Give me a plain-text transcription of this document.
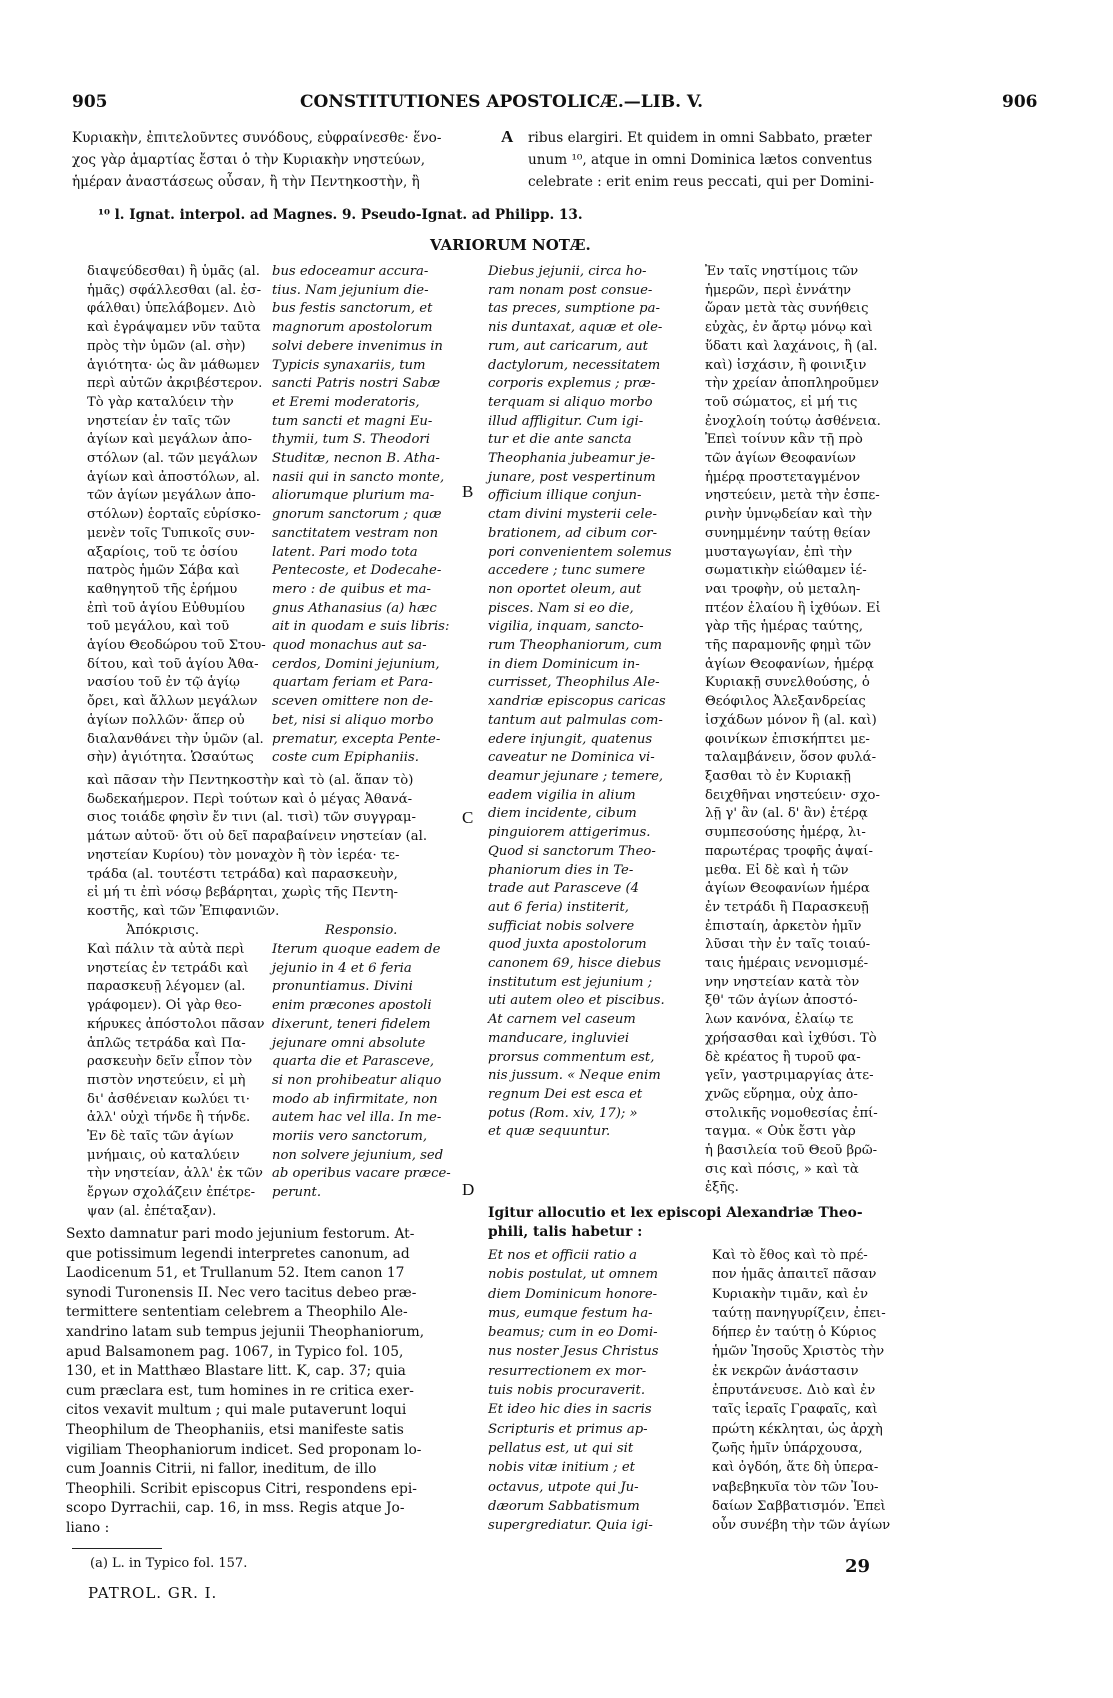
905	CONSTITUTIONES APOSTOLICÆ.—LIB. V.	906
Κυριακὴν, ἐπιτελοῦντες συνόδους, εὐφραίνεσθε· ἕνο-
χος γὰρ ἁμαρτίας ἔσται ὁ τὴν Κυριακὴν νηστεύων,
ἡμέραν ἀναστάσεως οὖσαν, ἢ τὴν Πεντηκοστὴν, ἢ
A ribus elargiri. Et quidem in omni Sabbato, præter
unum ¹⁰, atque in omni Dominica lætos conventus
celebrate : erit enim reus peccati, qui per Domini-
¹⁰ l. Ignat. interpol. ad Magnes. 9. Pseudo-Ignat. ad Philipp. 13.
VARIORUM NOTÆ.
διαψεύδεσθαι) ἢ ὑμᾶς (al.
ἡμᾶς) σφάλλεσθαι (al. ἐσ-
φάλθαι) ὑπελάβομεν. Διὸ
καὶ ἐγράψαμεν νῦν ταῦτα
πρὸς τὴν ὑμῶν (al. σὴν)
ἁγιότητα· ὡς ἂν μάθωμεν
περὶ αὐτῶν ἀκριβέστερον.
Τὸ γὰρ καταλύειν τὴν
νηστείαν ἐν ταῖς τῶν
ἁγίων καὶ μεγάλων ἀπο-
στόλων (al. τῶν μεγάλων
ἁγίων καὶ ἀποστόλων, al.
τῶν ἁγίων μεγάλων ἀπο-
στόλων) ἑορταῖς εὑρίσκο-
μενὲν τοῖς Τυπικοῖς συν-
αξαρίοις, τοῦ τε ὁσίου
πατρὸς ἡμῶν Σάβα καὶ
καθηγητοῦ τῆς ἐρήμου
ἐπὶ τοῦ ἁγίου Εὐθυμίου
τοῦ μεγάλου, καὶ τοῦ
ἁγίου Θεοδώρου τοῦ Στου-
δίτου, καὶ τοῦ ἁγίου Ἀθα-
νασίου τοῦ ἐν τῷ ἁγίῳ
ὄρει, καὶ ἄλλων μεγάλων
ἁγίων πολλῶν· ἅπερ οὐ
διαλανθάνει τὴν ὑμῶν (al.
σὴν) ἁγιότητα. Ὡσαύτως
bus edoceamur accura-
tius. Nam jejunium die-
bus festis sanctorum, et
magnorum apostolorum
solvi debere invenimus in
Typicis synaxariis, tum
sancti Patris nostri Sabæ
et Eremi moderatoris,
tum sancti et magni Eu-
thymii, tum S. Theodori
Studitæ, necnon B. Atha-
nasii qui in sancto monte,
aliorumque plurium ma-
gnorum sanctorum ; quæ
sanctitatem vestram non
latent. Pari modo tota
Pentecoste, et Dodecahe-
mero : de quibus et ma-
gnus Athanasius (a) hæc
ait in quodam e suis libris:
quod monachus aut sa-
cerdos, Domini jejunium,
quartam feriam et Para-
sceven omittere non de-
bet, nisi si aliquo morbo
prematur, excepta Pente-
coste cum Epiphaniis.
καὶ πᾶσαν τὴν Πεντηκοστὴν καὶ τὸ (al. ἅπαν τὸ)
δωδεκαήμερον. Περὶ τούτων καὶ ὁ μέγας Ἀθανά-
σιος τοιάδε φησὶν ἔν τινι (al. τισὶ) τῶν συγγραμ-
μάτων αὐτοῦ· ὅτι οὐ δεῖ παραβαίνειν νηστείαν (al.
νηστείαν Κυρίου) τὸν μοναχὸν ἢ τὸν ἱερέα· τε-
τράδα (al. τουτέστι τετράδα) καὶ παρασκευὴν,
εἰ μή τι ἐπὶ νόσῳ βεβάρηται, χωρὶς τῆς Πεντη-
κοστῆς, καὶ τῶν Ἐπιφανιῶν.
B
C
D
Ἀπόκρισις.	Responsio.
Καὶ πάλιν τὰ αὐτὰ περὶ
νηστείας ἐν τετράδι καὶ
παρασκευῇ λέγομεν (al.
γράφομεν). Οἱ γὰρ θεο-
κήρυκες ἀπόστολοι πᾶσαν
ἁπλῶς τετράδα καὶ Πα-
ρασκευὴν δεῖν εἶπον τὸν
πιστὸν νηστεύειν, εἰ μὴ
δι' ἀσθένειαν κωλύει τι·
ἀλλ' οὐχὶ τήνδε ἢ τήνδε.
Ἐν δὲ ταῖς τῶν ἁγίων
μνήμαις, οὐ καταλύειν
τὴν νηστείαν, ἀλλ' ἐκ τῶν
ἔργων σχολάζειν ἐπέτρε-
ψαν (al. ἐπέταξαν).
Iterum quoque eadem de
jejunio in 4 et 6 feria
pronuntiamus. Divini
enim præcones apostoli
dixerunt, teneri fidelem
jejunare omni absolute
quarta die et Parasceve,
si non prohibeatur aliquo
modo ab infirmitate, non
autem hac vel illa. In me-
moriis vero sanctorum,
non solvere jejunium, sed
ab operibus vacare præce-
perunt.
Diebus jejunii, circa ho-
ram nonam post consue-
tas preces, sumptione pa-
nis duntaxat, aquæ et ole-
rum, aut caricarum, aut
dactylorum, necessitatem
corporis explemus ; præ-
terquam si aliquo morbo
illud affligitur. Cum igi-
tur et die ante sancta
Theophania jubeamur je-
junare, post vespertinum
officium illique conjun-
ctam divini mysterii cele-
brationem, ad cibum cor-
pori convenientem solemus
accedere ; tunc sumere
non oportet oleum, aut
pisces. Nam si eo die,
vigilia, inquam, sancto-
rum Theophaniorum, cum
in diem Dominicum in-
currisset, Theophilus Ale-
xandriæ episcopus caricas
tantum aut palmulas com-
edere injungit, quatenus
caveatur ne Dominica vi-
deamur jejunare ; temere,
eadem vigilia in alium
diem incidente, cibum
pinguiorem attigerimus.
Quod si sanctorum Theo-
phaniorum dies in Te-
trade aut Parasceve (4
aut 6 feria) institerit,
sufficiat nobis solvere
quod juxta apostolorum
canonem 69, hisce diebus
institutum est jejunium ;
uti autem oleo et piscibus.
At carnem vel caseum
manducare, ingluviei
prorsus commentum est,
nis jussum. « Neque enim
regnum Dei est esca et
potus (Rom. xiv, 17); »
et quæ sequuntur.
Ἐν ταῖς νηστίμοις τῶν
ἡμερῶν, περὶ ἐννάτην
ὥραν μετὰ τὰς συνήθεις
εὐχὰς, ἐν ἄρτῳ μόνῳ καὶ
ὕδατι καὶ λαχάνοις, ἢ (al.
καὶ) ἰσχάσιν, ἢ φοινιξιν
τὴν χρείαν ἀποπληροῦμεν
τοῦ σώματος, εἰ μή τις
ἐνοχλοίη τούτῳ ἀσθένεια.
Ἐπεὶ τοίνυν κἂν τῇ πρὸ
τῶν ἁγίων Θεοφανίων
ἡμέρᾳ προστεταγμένον
νηστεύειν, μετὰ τὴν ἑσπε-
ρινὴν ὑμνῳδείαν καὶ τὴν
συνημμένην ταύτῃ θείαν
μυσταγωγίαν, ἐπὶ τὴν
σωματικὴν εἰώθαμεν ἰέ-
ναι τροφὴν, οὐ μεταλη-
πτέον ἐλαίου ἢ ἰχθύων. Εἰ
γὰρ τῆς ἡμέρας ταύτης,
τῆς παραμονῆς φημὶ τῶν
ἁγίων Θεοφανίων, ἡμέρᾳ
Κυριακῇ συνελθούσης, ὁ
Θεόφιλος Ἀλεξανδρείας
ἰσχάδων μόνον ἢ (al. καὶ)
φοινίκων ἐπισκήπτει με-
ταλαμβάνειν, ὅσον φυλά-
ξασθαι τὸ ἐν Κυριακῇ
δειχθῆναι νηστεύειν· σχο-
λῇ γ' ἂν (al. δ' ἂν) ἑτέρᾳ
συμπεσούσης ἡμέρᾳ, λι-
παρωτέρας τροφῆς ἀψαί-
μεθα. Εἰ δὲ καὶ ἡ τῶν
ἁγίων Θεοφανίων ἡμέρα
ἐν τετράδι ἢ Παρασκευῇ
ἐπισταίη, ἀρκετὸν ἡμῖν
λῦσαι τὴν ἐν ταῖς τοιαύ-
ταις ἡμέραις νενομισμέ-
νην νηστείαν κατὰ τὸν
ξθ' τῶν ἁγίων ἀποστό-
λων κανόνα, ἐλαίῳ τε
χρήσασθαι καὶ ἰχθύσι. Τὸ
δὲ κρέατος ἢ τυροῦ φα-
γεῖν, γαστριμαργίας ἀτε-
χνῶς εὕρημα, οὐχ ἀπο-
στολικῆς νομοθεσίας ἐπί-
ταγμα. « Οὐκ ἔστι γὰρ
ἡ βασιλεία τοῦ Θεοῦ βρῶ-
σις καὶ πόσις, » καὶ τὰ
ἑξῆς.
Sexto damnatur pari modo jejunium festorum. At-
que potissimum legendi interpretes canonum, ad
Laodicenum 51, et Trullanum 52. Item canon 17
synodi Turonensis II. Nec vero tacitus debeo præ-
termittere sententiam celebrem a Theophilo Ale-
xandrino latam sub tempus jejunii Theophaniorum,
apud Balsamonem pag. 1067, in Typico fol. 105,
130, et in Matthæo Blastare litt. K, cap. 37; quia
cum præclara est, tum homines in re critica exer-
citos vexavit multum ; qui male putaverunt loqui
Theophilum de Theophaniis, etsi manifeste satis
vigiliam Theophaniorum indicet. Sed proponam lo-
cum Joannis Citrii, ni fallor, ineditum, de illo
Theophili. Scribit episcopus Citri, respondens epi-
scopo Dyrrachii, cap. 16, in mss. Regis atque Jo-
liano :
(a) L. in Typico fol. 157.
PATROL. GR. I.
Igitur allocutio et lex episcopi Alexandriæ Theo-
phili, talis habetur :
Et nos et officii ratio a
nobis postulat, ut omnem
diem Dominicum honore-
mus, eumque festum ha-
beamus; cum in eo Domi-
nus noster Jesus Christus
resurrectionem ex mor-
tuis nobis procuraverit.
Et ideo hic dies in sacris
Scripturis et primus ap-
pellatus est, ut qui sit
nobis vitæ initium ; et
octavus, utpote qui Ju-
dæorum Sabbatismum
supergrediatur. Quia igi-
Καὶ τὸ ἔθος καὶ τὸ πρέ-
πον ἡμᾶς ἀπαιτεῖ πᾶσαν
Κυριακὴν τιμᾶν, καὶ ἐν
ταύτῃ πανηγυρίζειν, ἐπει-
δήπερ ἐν ταύτῃ ὁ Κύριος
ἡμῶν Ἰησοῦς Χριστὸς τὴν
ἐκ νεκρῶν ἀνάστασιν
ἐπρυτάνευσε. Διὸ καὶ ἐν
ταῖς ἱεραῖς Γραφαῖς, καὶ
πρώτη κέκληται, ὡς ἀρχὴ
ζωῆς ἡμῖν ὑπάρχουσα,
καὶ ὀγδόη, ἅτε δὴ ὑπερα-
ναβεβηκυῖα τὸν τῶν Ἰου-
δαίων Σαββατισμόν. Ἐπεὶ
οὖν συνέβη τὴν τῶν ἁγίων
29
